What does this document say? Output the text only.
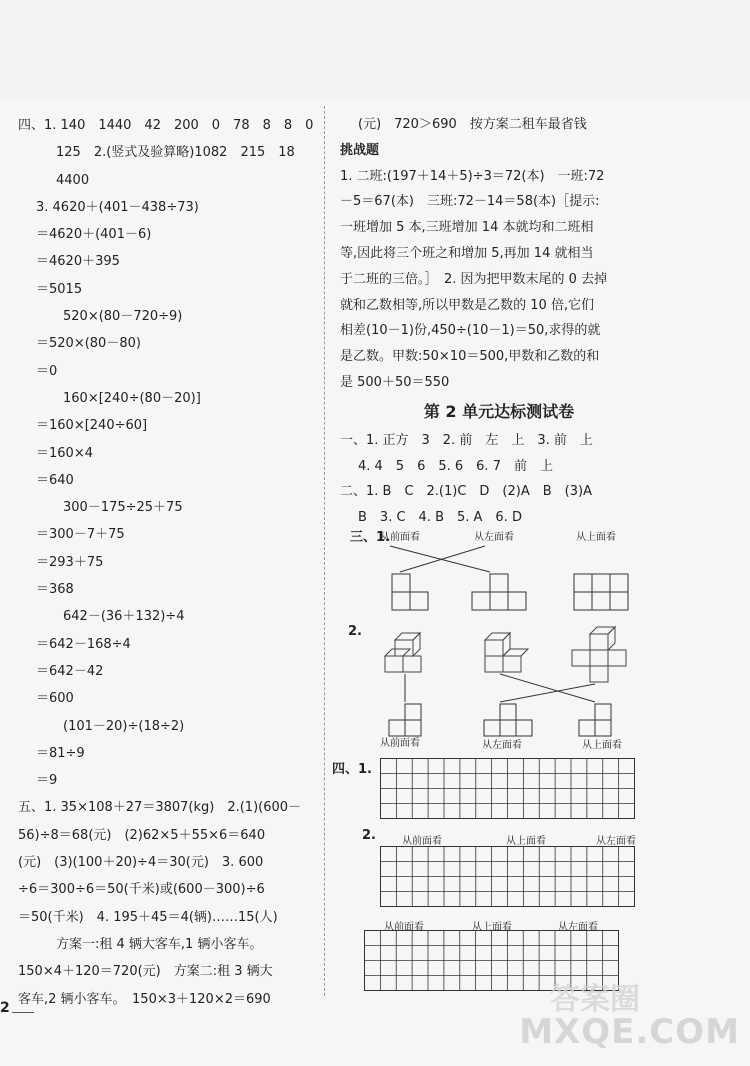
四、1. 140　1440　42　200　0　78　8　8　0
125　2.(竖式及验算略)1082　215　18
4400
3. 4620＋(401－438÷73)
＝4620＋(401－6)
＝4620＋395
＝5015
520×(80－720÷9)
＝520×(80－80)
＝0
160×[240÷(80－20)]
＝160×[240÷60]
＝160×4
＝640
300－175÷25＋75
＝300－7＋75
＝293＋75
＝368
642－(36＋132)÷4
＝642－168÷4
＝642－42
＝600
(101－20)÷(18÷2)
＝81÷9
＝9
五、1. 35×108＋27＝3807(kg)　2.(1)(600－
56)÷8＝68(元)　(2)62×5＋55×6＝640
(元)　(3)(100＋20)÷4＝30(元)　3. 600
÷6＝300÷6＝50(千米)或(600－300)÷6
＝50(千米)　4. 195＋45＝4(辆)……15(人)
方案一:租 4 辆大客车,1 辆小客车。
150×4＋120＝720(元)　方案二:租 3 辆大
客车,2 辆小客车。　150×3＋120×2＝690
(元)　720＞690　按方案二租车最省钱
挑战题
1. 二班:(197＋14＋5)÷3＝72(本)　一班:72
－5＝67(本)　三班:72－14＝58(本)［提示:
一班增加 5 本,三班增加 14 本就均和二班相
等,因此将三个班之和增加 5,再加 14 就相当
于二班的三倍。］　2. 因为把甲数末尾的 0 去掉
就和乙数相等,所以甲数是乙数的 10 倍,它们
相差(10－1)份,450÷(10－1)＝50,求得的就
是乙数。甲数:50×10＝500,甲数和乙数的和
是 500＋50＝550
第 2 单元达标测试卷
一、1. 正方　3　2. 前　左　上　3. 前　上
4. 4　5　6　5. 6　6. 7　前　上
二、1. B　C　2.(1)C　D　(2)A　B　(3)A
B　3. C　4. B　5. A　6. D
三、1.
从前面看	从左面看	从上面看
2.
从前面看	从左面看	从上面看
四、1.
2.	从前面看	从上面看	从左面看
从前面看	从上面看	从左面看
2	答案圈
MXQE.COM
